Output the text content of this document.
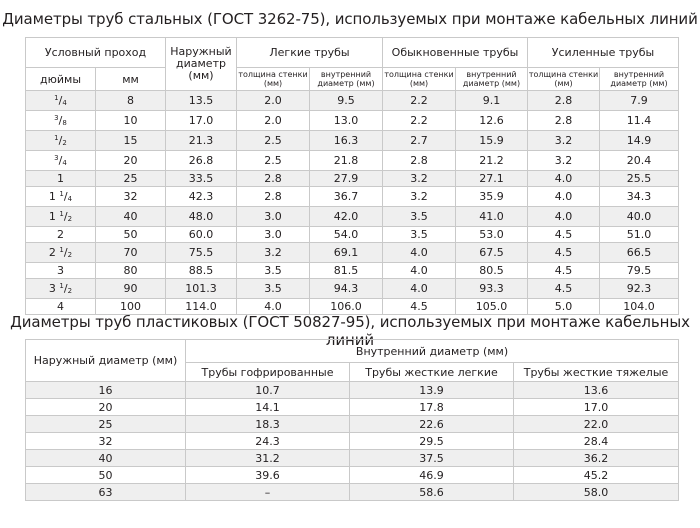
Диаметры труб стальных (ГОСТ 3262-75), используемых при монтаже кабельных линий
Условный проход		Наружный диаметр (мм)	Легкие трубы		Обыкновенные трубы		Усиленные трубы	
дюймы	мм		толщина стенки (мм)	внутренний диаметр (мм)	толщина стенки (мм)	внутренний диаметр (мм)	толщина стенки (мм)	внутренний диаметр (мм)
$^1/_4$	8	13.5	2.0	9.5	2.2	9.1	2.8	7.9
$^3/_8$	10	17.0	2.0	13.0	2.2	12.6	2.8	11.4
$^1/_2$	15	21.3	2.5	16.3	2.7	15.9	3.2	14.9
$^3/_4$	20	26.8	2.5	21.8	2.8	21.2	3.2	20.4
1	25	33.5	2.8	27.9	3.2	27.1	4.0	25.5
1 $^1/_4$	32	42.3	2.8	36.7	3.2	35.9	4.0	34.3
1 $^1/_2$	40	48.0	3.0	42.0	3.5	41.0	4.0	40.0
2	50	60.0	3.0	54.0	3.5	53.0	4.5	51.0
2 $^1/_2$	70	75.5	3.2	69.1	4.0	67.5	4.5	66.5
3	80	88.5	3.5	81.5	4.0	80.5	4.5	79.5
3 $^1/_2$	90	101.3	3.5	94.3	4.0	93.3	4.5	92.3
4	100	114.0	4.0	106.0	4.5	105.0	5.0	104.0
Диаметры труб пластиковых (ГОСТ 50827-95), используемых при монтаже кабельных линий
Наружный диаметр (мм)	Внутренний диаметр (мм)		
	Трубы гофрированные	Трубы жесткие легкие	Трубы жесткие тяжелые
16	10.7	13.9	13.6
20	14.1	17.8	17.0
25	18.3	22.6	22.0
32	24.3	29.5	28.4
40	31.2	37.5	36.2
50	39.6	46.9	45.2
63	–	58.6	58.0
